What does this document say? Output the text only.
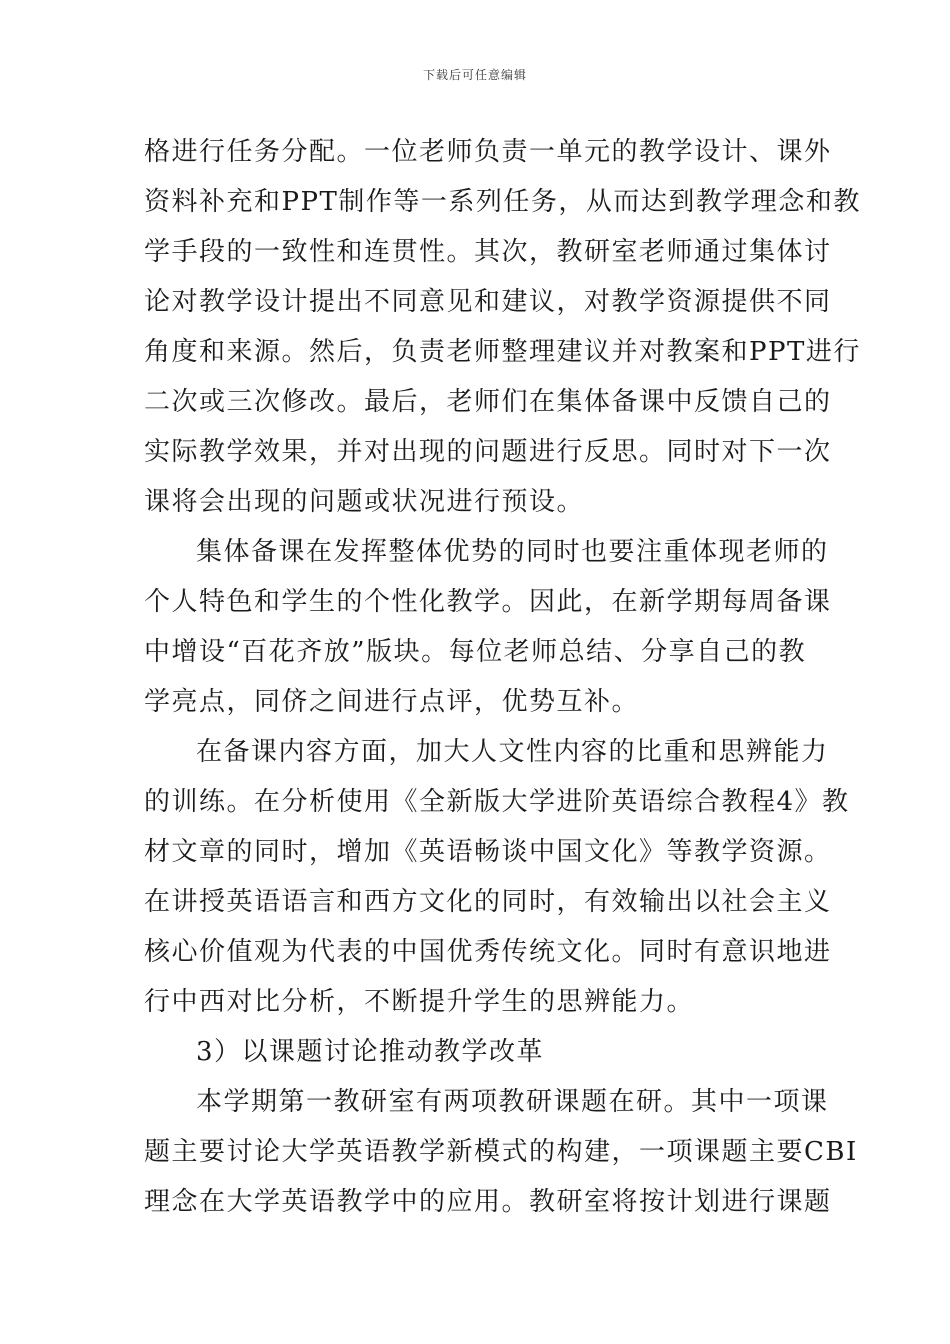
下载后可任意编辑
格进行任务分配。一位老师负责一单元的教学设计、课外
资料补充和PPT制作等一系列任务，从而达到教学理念和教
学手段的一致性和连贯性。其次，教研室老师通过集体讨
论对教学设计提出不同意见和建议，对教学资源提供不同
角度和来源。然后，负责老师整理建议并对教案和PPT进行
二次或三次修改。最后，老师们在集体备课中反馈自己的
实际教学效果，并对出现的问题进行反思。同时对下一次
课将会出现的问题或状况进行预设。
集体备课在发挥整体优势的同时也要注重体现老师的
个人特色和学生的个性化教学。因此，在新学期每周备课
中增设“百花齐放”版块。每位老师总结、分享自己的教
学亮点，同侪之间进行点评，优势互补。
在备课内容方面，加大人文性内容的比重和思辨能力
的训练。在分析使用《全新版大学进阶英语综合教程4》教
材文章的同时，增加《英语畅谈中国文化》等教学资源。
在讲授英语语言和西方文化的同时，有效输出以社会主义
核心价值观为代表的中国优秀传统文化。同时有意识地进
行中西对比分析，不断提升学生的思辨能力。
3）以课题讨论推动教学改革
本学期第一教研室有两项教研课题在研。其中一项课
题主要讨论大学英语教学新模式的构建，一项课题主要CBI
理念在大学英语教学中的应用。教研室将按计划进行课题
